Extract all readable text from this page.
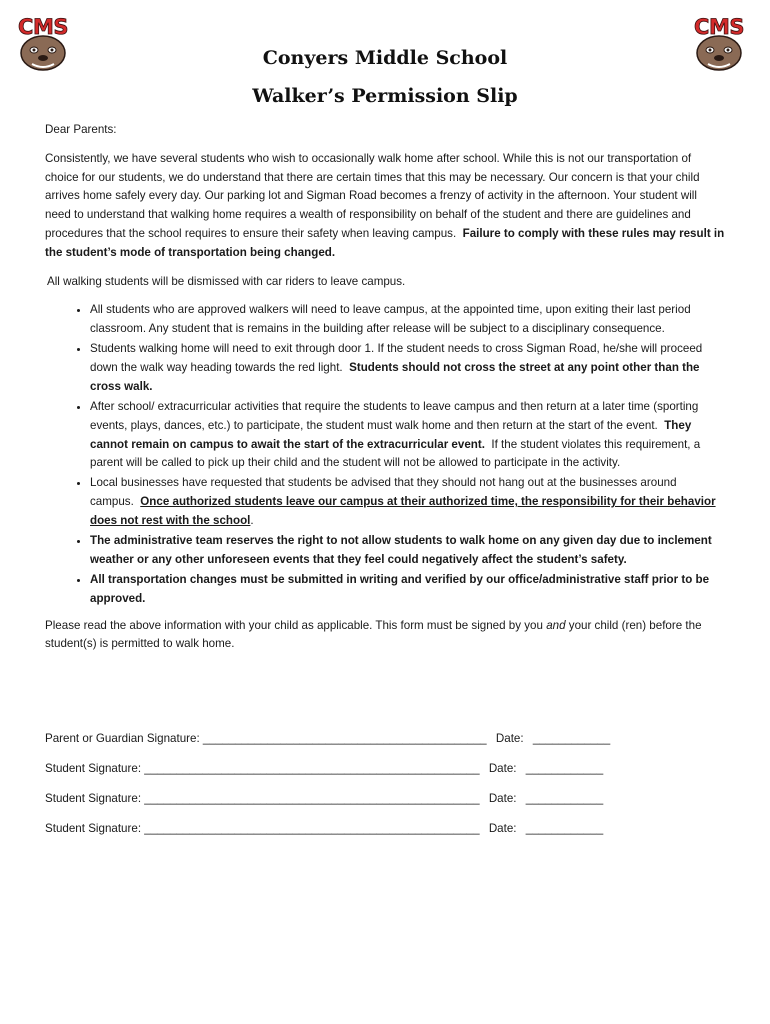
CMS	CMS
Conyers Middle School
Walker’s Permission Slip

Dear Parents:

Consistently, we have several students who wish to occasionally walk home after school. While this is not our transportation of choice for our students, we do understand that there are certain times that this may be necessary. Our concern is that your child arrives home safely every day. Our parking lot and Sigman Road becomes a frenzy of activity in the afternoon. Your student will need to understand that walking home requires a wealth of responsibility on behalf of the student and there are guidelines and procedures that the school requires to ensure their safety when leaving campus. Failure to comply with these rules may result in the student’s mode of transportation being changed.

All walking students will be dismissed with car riders to leave campus.

• All students who are approved walkers will need to leave campus, at the appointed time, upon exiting their last period classroom. Any student that is remains in the building after release will be subject to a disciplinary consequence.
• Students walking home will need to exit through door 1. If the student needs to cross Sigman Road, he/she will proceed down the walk way heading towards the red light. Students should not cross the street at any point other than the cross walk.
• After school/ extracurricular activities that require the students to leave campus and then return at a later time (sporting events, plays, dances, etc.) to participate, the student must walk home and then return at the start of the event. They cannot remain on campus to await the start of the extracurricular event. If the student violates this requirement, a parent will be called to pick up their child and the student will not be allowed to participate in the activity.
• Local businesses have requested that students be advised that they should not hang out at the businesses around campus. Once authorized students leave our campus at their authorized time, the responsibility for their behavior does not rest with the school.
• The administrative team reserves the right to not allow students to walk home on any given day due to inclement weather or any other unforeseen events that they feel could negatively affect the student’s safety.
• All transportation changes must be submitted in writing and verified by our office/administrative staff prior to be approved.

Please read the above information with your child as applicable. This form must be signed by you and your child (ren) before the student(s) is permitted to walk home.

Parent or Guardian Signature: ____________________________________________ Date: ____________
Student Signature: ____________________________________________________ Date: ____________
Student Signature: ____________________________________________________ Date: ____________
Student Signature: ____________________________________________________ Date: ____________
